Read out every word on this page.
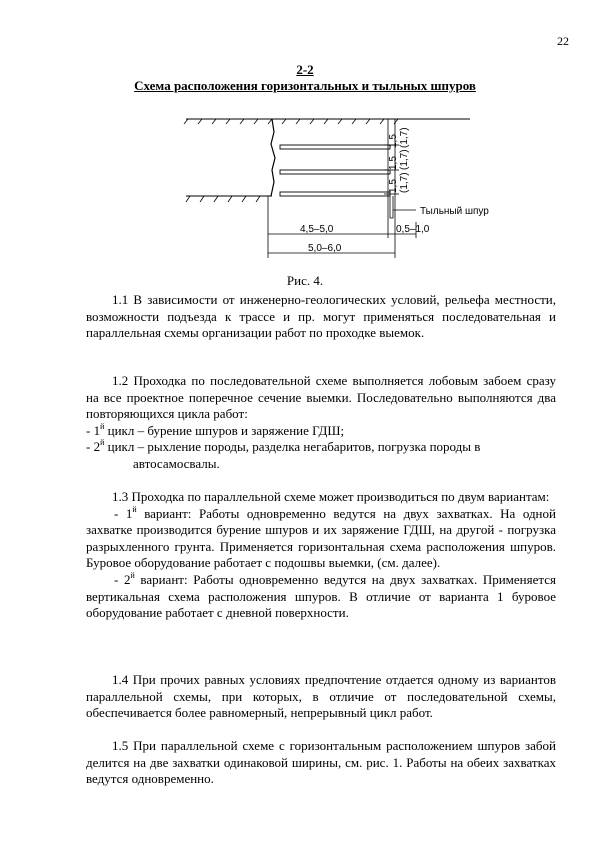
22
2-2
Схема расположения горизонтальных и тыльных шпуров
1,5
1,5
1,5
(1,7)
(1,7)
(1,7)
Тыльный шпур
4,5–5,0	0,5–1,0
5,0–6,0
Рис. 4.
1.1 В зависимости от инженерно-геологических условий, рельефа местности, возможности подъезда к трассе и пр. могут применяться последовательная и параллельная схемы организации работ по проходке выемок.
1.2 Проходка по последовательной схеме выполняется лобовым забоем сразу на все проектное поперечное сечение выемки. Последовательно выполняются два повторяющихся цикла работ:
- $1^й$ цикл – бурение шпуров и заряжение ГДШ;
- $2^й$ цикл – рыхление породы, разделка негабаритов, погрузка породы в
автосамосвалы.
1.3 Проходка по параллельной схеме может производиться по двум вариантам:
- $1^й$ вариант: Работы одновременно ведутся на двух захватках. На одной захватке производится бурение шпуров и их заряжение ГДШ, на другой - погрузка разрыхленного грунта. Применяется горизонтальная схема расположения шпуров. Буровое оборудование работает с подошвы выемки, (см. далее).
- $2^й$ вариант: Работы одновременно ведутся на двух захватках. Применяется вертикальная схема расположения шпуров. В отличие от варианта 1 буровое оборудование работает с дневной поверхности.
1.4 При прочих равных условиях предпочтение отдается одному из вариантов параллельной схемы, при которых, в отличие от последовательной схемы, обеспечивается более равномерный, непрерывный цикл работ.
1.5 При параллельной схеме с горизонтальным расположением шпуров забой делится на две захватки одинаковой ширины, см. рис. 1. Работы на обеих захватках ведутся одновременно.
